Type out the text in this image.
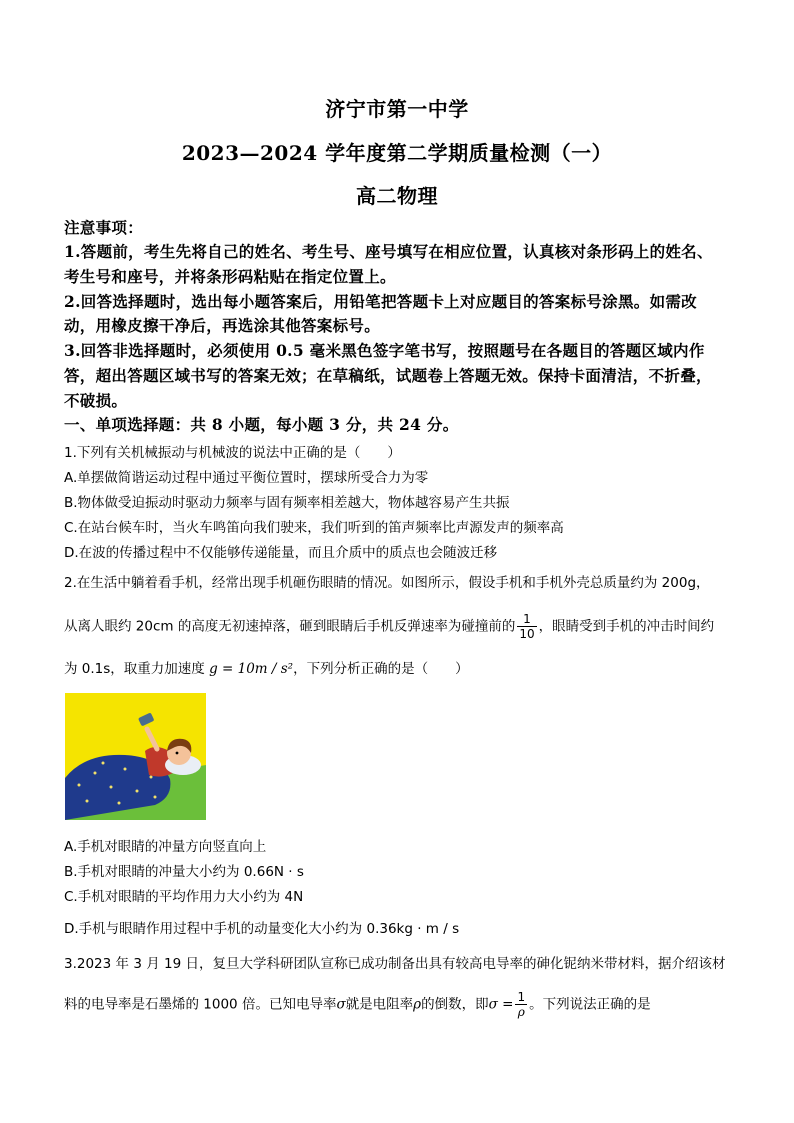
济宁市第一中学
2023—2024 学年度第二学期质量检测（一）
高二物理
注意事项：
1.答题前，考生先将自己的姓名、考生号、座号填写在相应位置，认真核对条形码上的姓名、
考生号和座号，并将条形码粘贴在指定位置上。
2.回答选择题时，选出每小题答案后，用铅笔把答题卡上对应题目的答案标号涂黑。如需改
动，用橡皮擦干净后，再选涂其他答案标号。
3.回答非选择题时，必须使用 0.5 毫米黑色签字笔书写，按照题号在各题目的答题区域内作
答，超出答题区域书写的答案无效；在草稿纸，试题卷上答题无效。保持卡面清洁，不折叠，
不破损。
一、单项选择题：共 8 小题，每小题 3 分，共 24 分。
1.下列有关机械振动与机械波的说法中正确的是（　　）
A.单摆做简谐运动过程中通过平衡位置时，摆球所受合力为零
B.物体做受迫振动时驱动力频率与固有频率相差越大，物体越容易产生共振
C.在站台候车时，当火车鸣笛向我们驶来，我们听到的笛声频率比声源发声的频率高
D.在波的传播过程中不仅能够传递能量，而且介质中的质点也会随波迁移
2.在生活中躺着看手机，经常出现手机砸伤眼睛的情况。如图所示，假设手机和手机外壳总质量约为 200g，
从离人眼约 20cm 的高度无初速掉落，砸到眼睛后手机反弹速率为碰撞前的 $\frac{1}{10}$ ，眼睛受到手机的冲击时间约
为 0.1s，取重力加速度 g = 10m / s²，下列分析正确的是（　　）
A.手机对眼睛的冲量方向竖直向上
B.手机对眼睛的冲量大小约为 0.66N · s
C.手机对眼睛的平均作用力大小约为 4N
D.手机与眼睛作用过程中手机的动量变化大小约为 0.36kg · m / s
3.2023 年 3 月 19 日，复旦大学科研团队宣称已成功制备出具有较高电导率的砷化铌纳米带材料，据介绍该材
料的电导率是石墨烯的 1000 倍。已知电导率σ就是电阻率ρ的倒数，即$\sigma = \frac{1}{\rho}$ 。下列说法正确的是
